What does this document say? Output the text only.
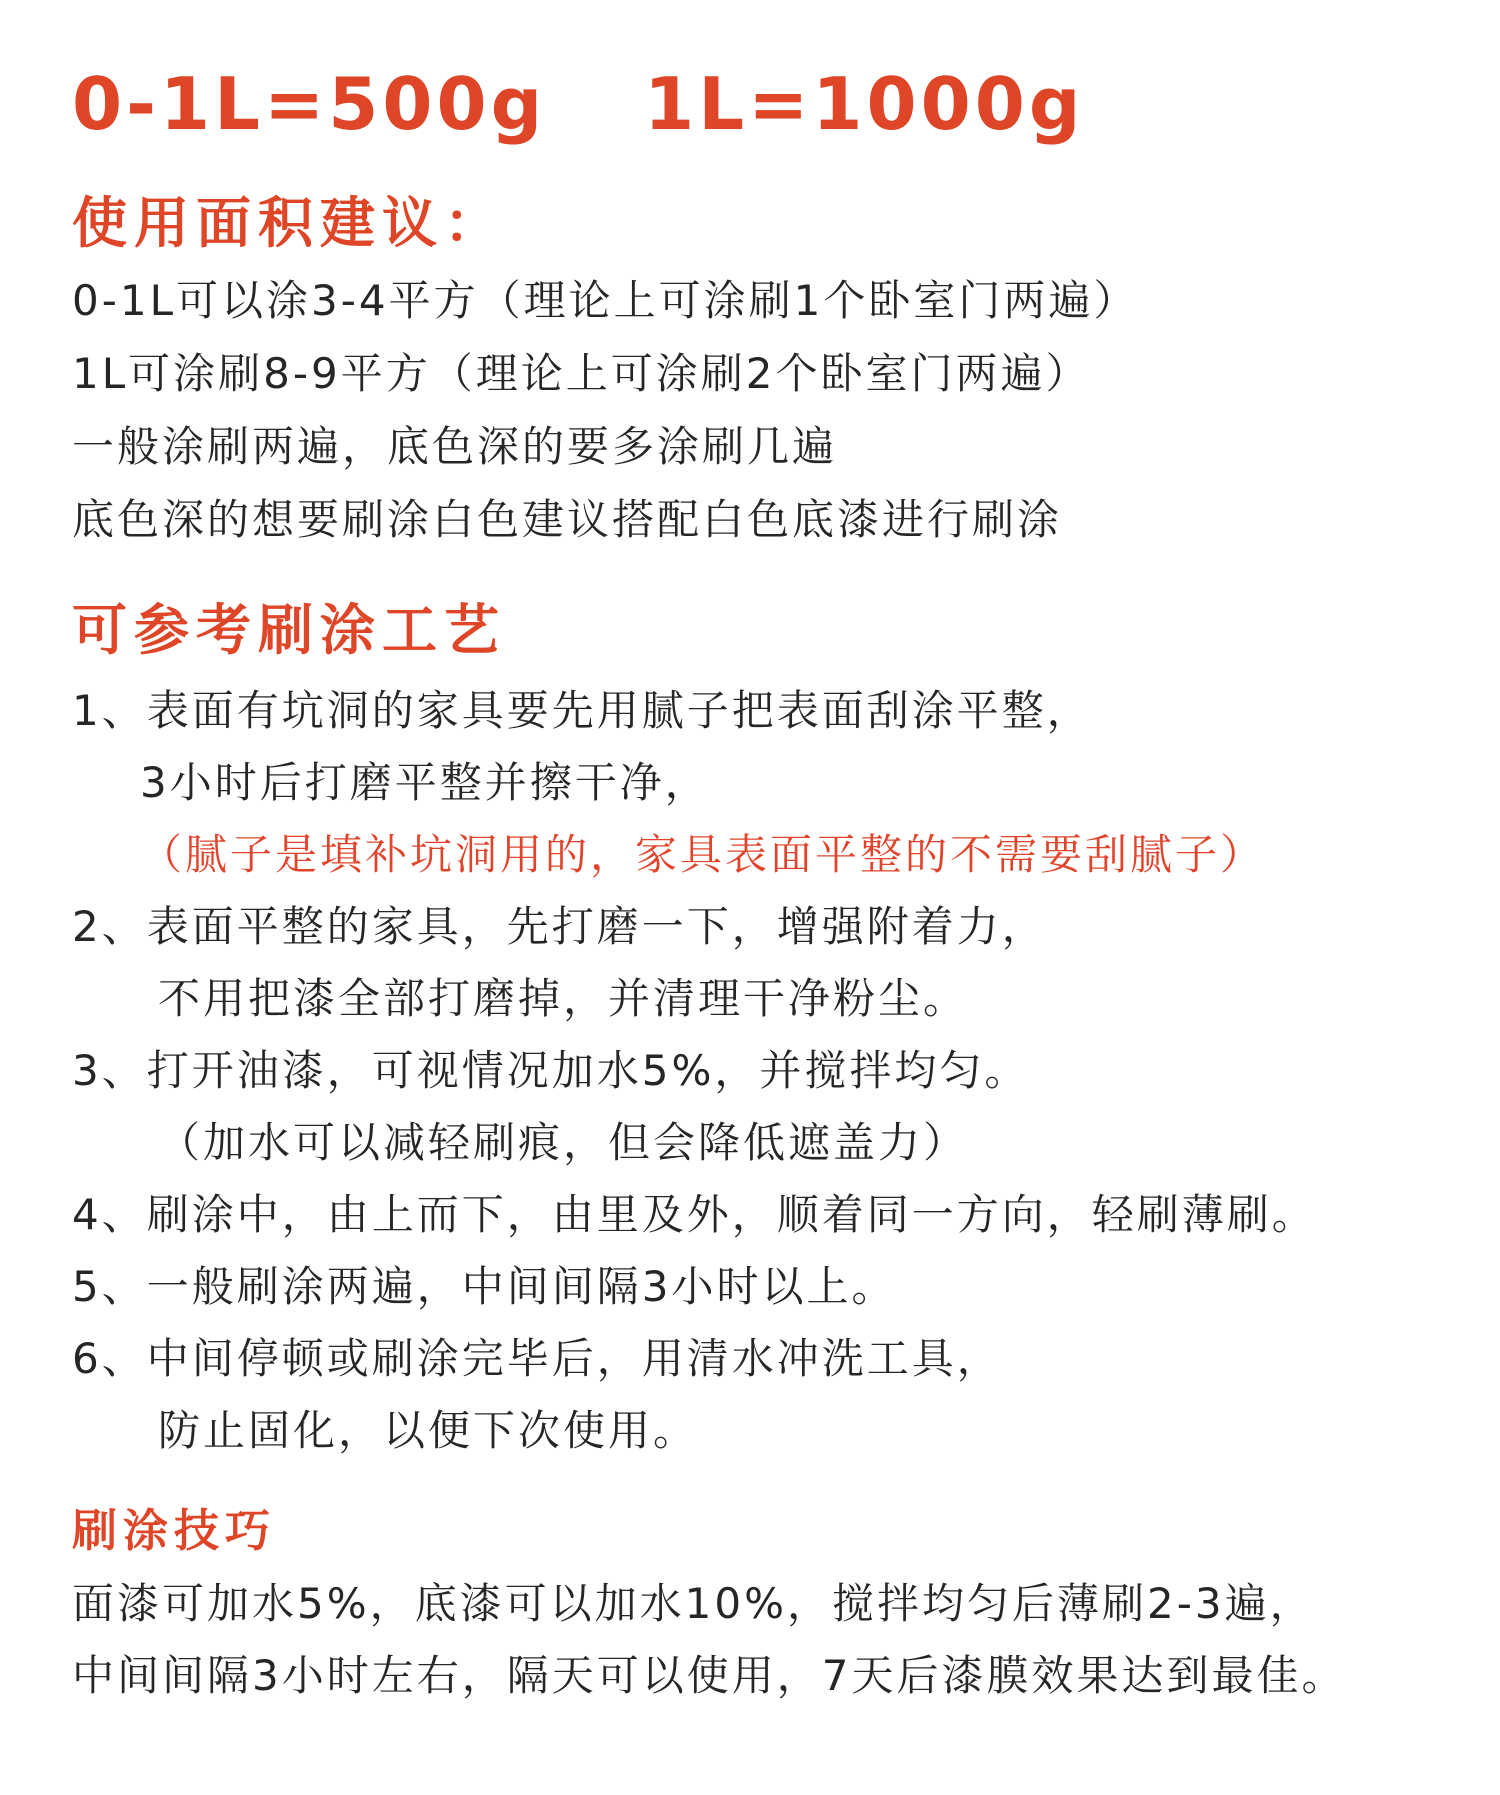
0-1L=500g 1L=1000g
使用面积建议：
0-1L可以涂3-4平方（理论上可涂刷1个卧室门两遍）
1L可涂刷8-9平方（理论上可涂刷2个卧室门两遍）
一般涂刷两遍，底色深的要多涂刷几遍
底色深的想要刷涂白色建议搭配白色底漆进行刷涂
可参考刷涂工艺
1、表面有坑洞的家具要先用腻子把表面刮涂平整，
3小时后打磨平整并擦干净，
（腻子是填补坑洞用的，家具表面平整的不需要刮腻子）
2、表面平整的家具，先打磨一下，增强附着力，
不用把漆全部打磨掉，并清理干净粉尘。
3、打开油漆，可视情况加水5%，并搅拌均匀。
（加水可以减轻刷痕，但会降低遮盖力）
4、刷涂中，由上而下，由里及外，顺着同一方向，轻刷薄刷。
5、一般刷涂两遍，中间间隔3小时以上。
6、中间停顿或刷涂完毕后，用清水冲洗工具，
防止固化，以便下次使用。
刷涂技巧
面漆可加水5%，底漆可以加水10%，搅拌均匀后薄刷2-3遍，
中间间隔3小时左右，隔天可以使用，7天后漆膜效果达到最佳。
